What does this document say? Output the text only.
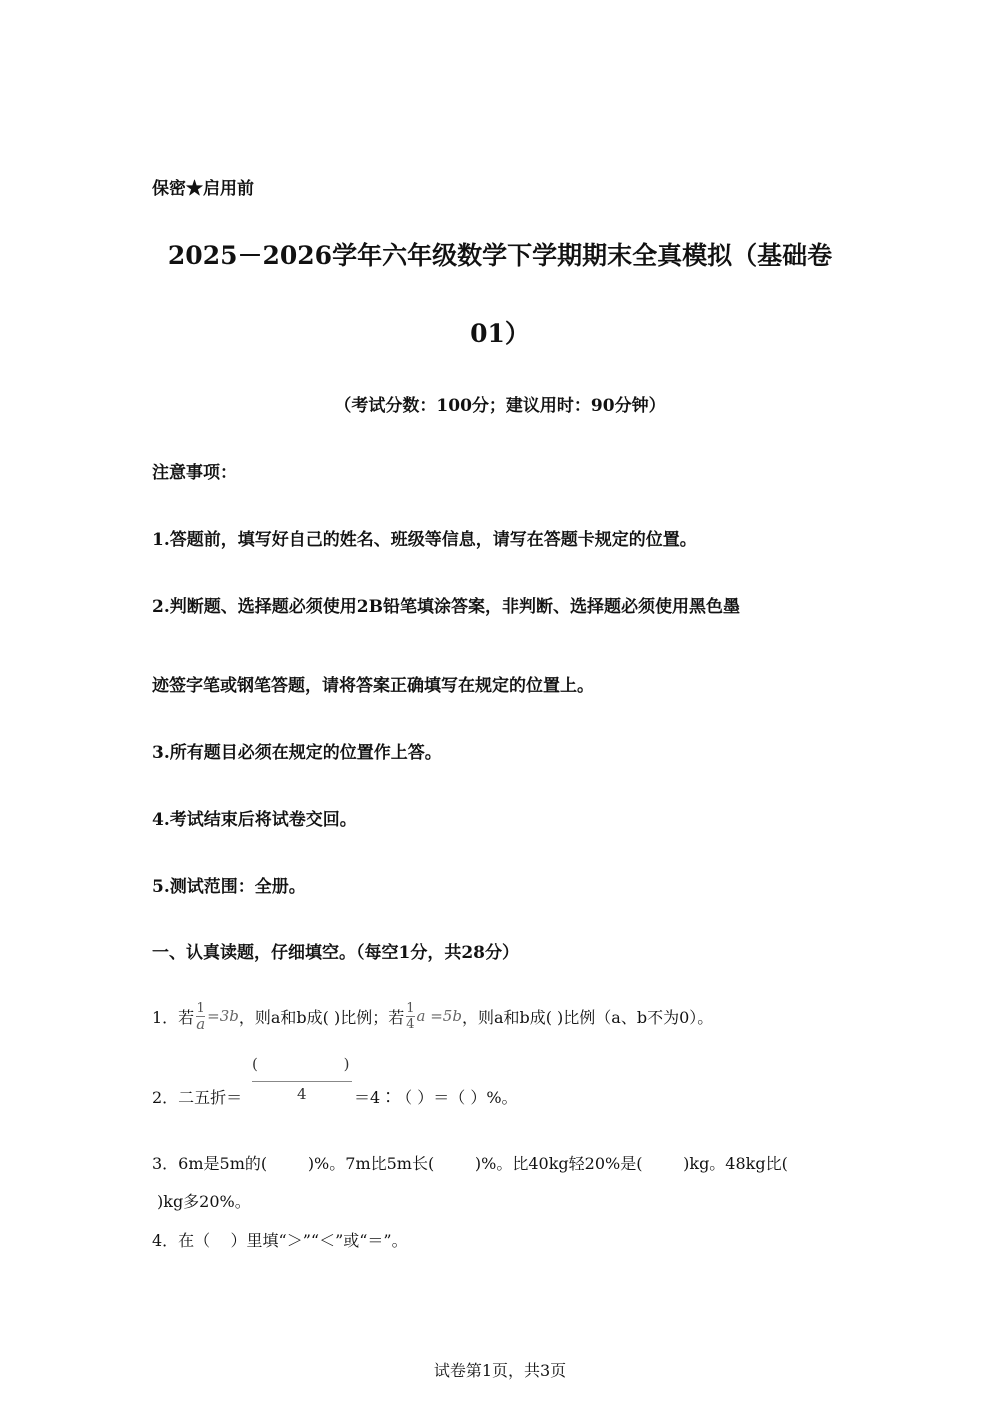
保密★启用前
2025－2026学年六年级数学下学期期末全真模拟（基础卷
01）
（考试分数：100分；建议用时：90分钟）
注意事项：
1.答题前，填写好自己的姓名、班级等信息，请写在答题卡规定的位置。
2.判断题、选择题必须使用2B铅笔填涂答案，非判断、选择题必须使用黑色墨
迹签字笔或钢笔答题，请将答案正确填写在规定的位置上。
3.所有题目必须在规定的位置作上答。
4.考试结束后将试卷交回。
5.测试范围：全册。
一、认真读题，仔细填空。（每空1分，共28分）
1．若 $\frac{1}{a} =3b$ ，则a和b成( )比例；若 $\frac{1}{4}$ a =5b ，则a和b成( )比例（a、b不为0）。
2．二五折＝
(                  )
4	＝4∶（ ）＝（ ）%。
3．6m是5m的(        )%。7m比5m长(        )%。比40kg轻20%是(        )kg。48kg比(
)kg多20%。
4．在（    ）里填“＞”“＜”或“＝”。
试卷第1页，共3页
